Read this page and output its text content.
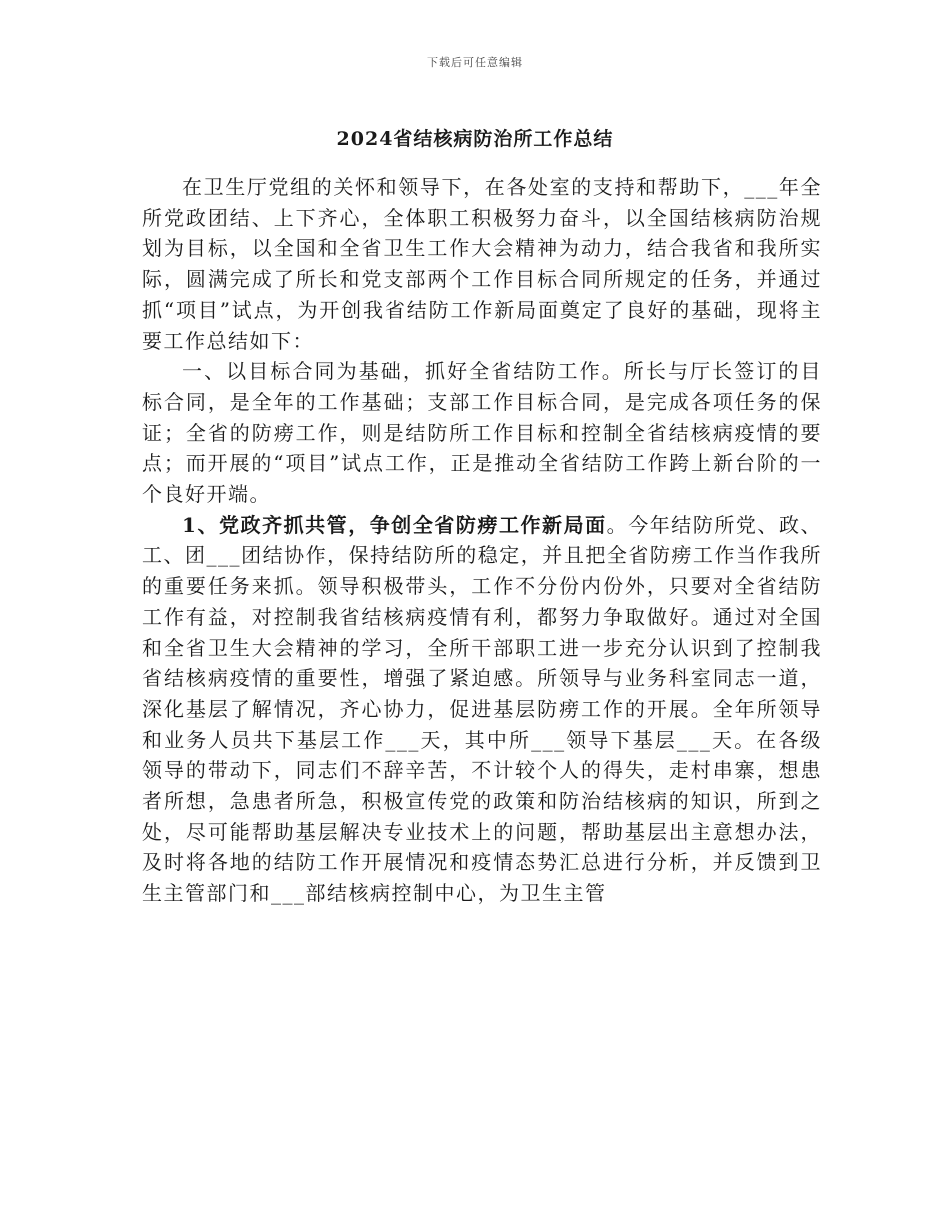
下载后可任意编辑
2024省结核病防治所工作总结

在卫生厅党组的关怀和领导下，在各处室的支持和帮助下，___年全所党政团结、上下齐心，全体职工积极努力奋斗，以全国结核病防治规划为目标，以全国和全省卫生工作大会精神为动力，结合我省和我所实际，圆满完成了所长和党支部两个工作目标合同所规定的任务，并通过抓“项目”试点，为开创我省结防工作新局面奠定了良好的基础，现将主要工作总结如下：

一、以目标合同为基础，抓好全省结防工作。所长与厅长签订的目标合同，是全年的工作基础；支部工作目标合同，是完成各项任务的保证；全省的防痨工作，则是结防所工作目标和控制全省结核病疫情的要点；而开展的“项目”试点工作，正是推动全省结防工作跨上新台阶的一个良好开端。

1、党政齐抓共管，争创全省防痨工作新局面。今年结防所党、政、工、团___团结协作，保持结防所的稳定，并且把全省防痨工作当作我所的重要任务来抓。领导积极带头，工作不分份内份外，只要对全省结防工作有益，对控制我省结核病疫情有利，都努力争取做好。通过对全国和全省卫生大会精神的学习，全所干部职工进一步充分认识到了控制我省结核病疫情的重要性，增强了紧迫感。所领导与业务科室同志一道，深化基层了解情况，齐心协力，促进基层防痨工作的开展。全年所领导和业务人员共下基层工作___天，其中所___领导下基层___天。在各级领导的带动下，同志们不辞辛苦，不计较个人的得失，走村串寨，想患者所想，急患者所急，积极宣传党的政策和防治结核病的知识，所到之处，尽可能帮助基层解决专业技术上的问题，帮助基层出主意想办法，及时将各地的结防工作开展情况和疫情态势汇总进行分析，并反馈到卫生主管部门和___部结核病控制中心，为卫生主管
